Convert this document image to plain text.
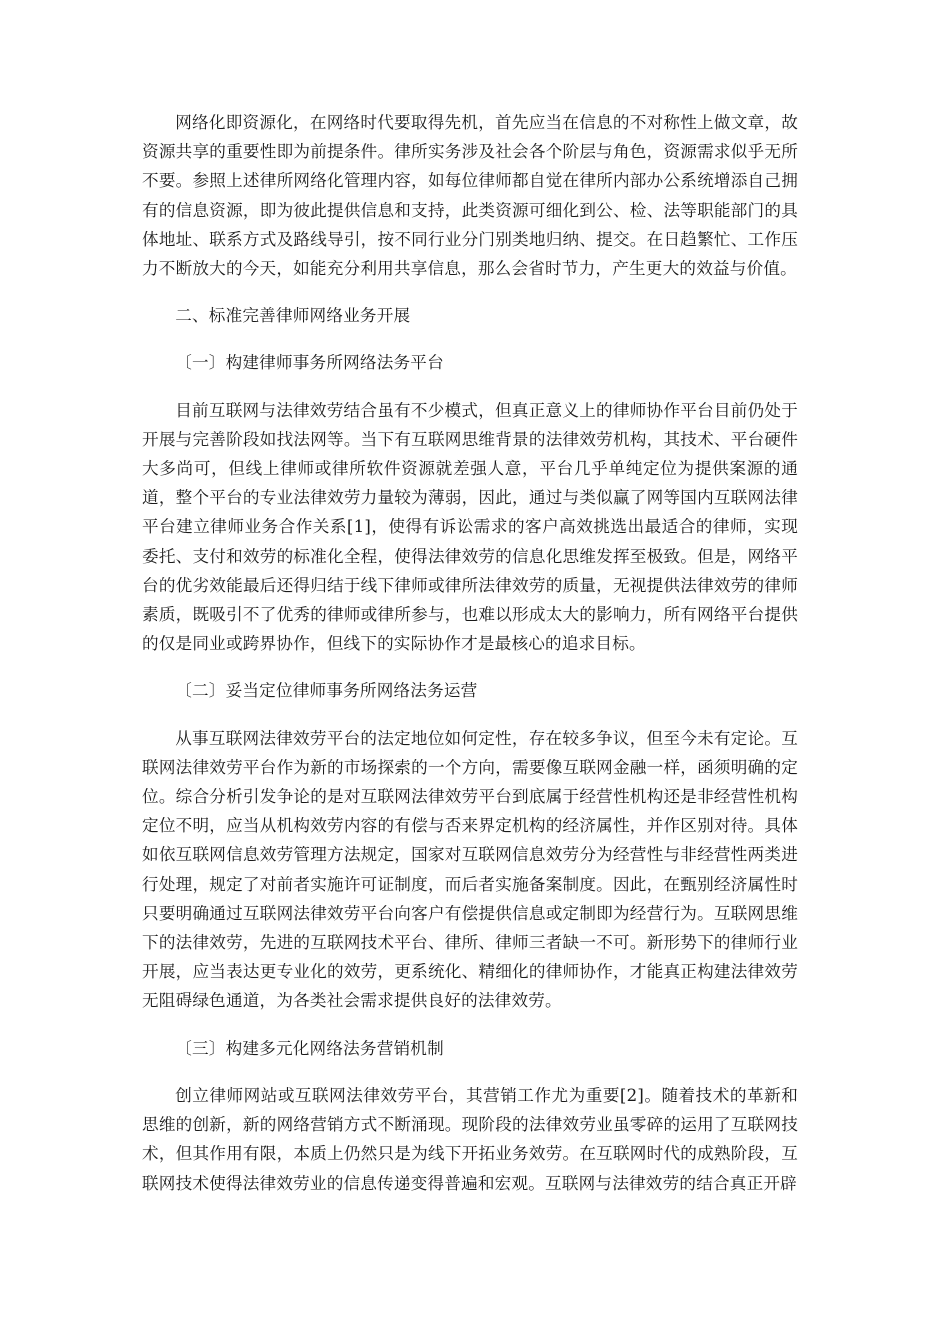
网络化即资源化，在网络时代要取得先机，首先应当在信息的不对称性上做文章，故资源共享的重要性即为前提条件。律所实务涉及社会各个阶层与角色，资源需求似乎无所不要。参照上述律所网络化管理内容，如每位律师都自觉在律所内部办公系统增添自己拥有的信息资源，即为彼此提供信息和支持，此类资源可细化到公、检、法等职能部门的具体地址、联系方式及路线导引，按不同行业分门别类地归纳、提交。在日趋繁忙、工作压力不断放大的今天，如能充分利用共享信息，那么会省时节力，产生更大的效益与价值。

二、标准完善律师网络业务开展

〔一〕构建律师事务所网络法务平台

目前互联网与法律效劳结合虽有不少模式，但真正意义上的律师协作平台目前仍处于开展与完善阶段如找法网等。当下有互联网思维背景的法律效劳机构，其技术、平台硬件大多尚可，但线上律师或律所软件资源就差强人意，平台几乎单纯定位为提供案源的通道，整个平台的专业法律效劳力量较为薄弱，因此，通过与类似赢了网等国内互联网法律平台建立律师业务合作关系[1]，使得有诉讼需求的客户高效挑选出最适合的律师，实现委托、支付和效劳的标准化全程，使得法律效劳的信息化思维发挥至极致。但是，网络平台的优劣效能最后还得归结于线下律师或律所法律效劳的质量，无视提供法律效劳的律师素质，既吸引不了优秀的律师或律所参与，也难以形成太大的影响力，所有网络平台提供的仅是同业或跨界协作，但线下的实际协作才是最核心的追求目标。

〔二〕妥当定位律师事务所网络法务运营

从事互联网法律效劳平台的法定地位如何定性，存在较多争议，但至今未有定论。互联网法律效劳平台作为新的市场探索的一个方向，需要像互联网金融一样，函须明确的定位。综合分析引发争论的是对互联网法律效劳平台到底属于经营性机构还是非经营性机构定位不明，应当从机构效劳内容的有偿与否来界定机构的经济属性，并作区别对待。具体如依互联网信息效劳管理方法规定，国家对互联网信息效劳分为经营性与非经营性两类进行处理，规定了对前者实施许可证制度，而后者实施备案制度。因此，在甄别经济属性时只要明确通过互联网法律效劳平台向客户有偿提供信息或定制即为经营行为。互联网思维下的法律效劳，先进的互联网技术平台、律所、律师三者缺一不可。新形势下的律师行业开展，应当表达更专业化的效劳，更系统化、精细化的律师协作，才能真正构建法律效劳无阻碍绿色通道，为各类社会需求提供良好的法律效劳。

〔三〕构建多元化网络法务营销机制

创立律师网站或互联网法律效劳平台，其营销工作尤为重要[2]。随着技术的革新和思维的创新，新的网络营销方式不断涌现。现阶段的法律效劳业虽零碎的运用了互联网技术，但其作用有限，本质上仍然只是为线下开拓业务效劳。在互联网时代的成熟阶段，互联网技术使得法律效劳业的信息传递变得普遍和宏观。互联网与法律效劳的结合真正开辟
